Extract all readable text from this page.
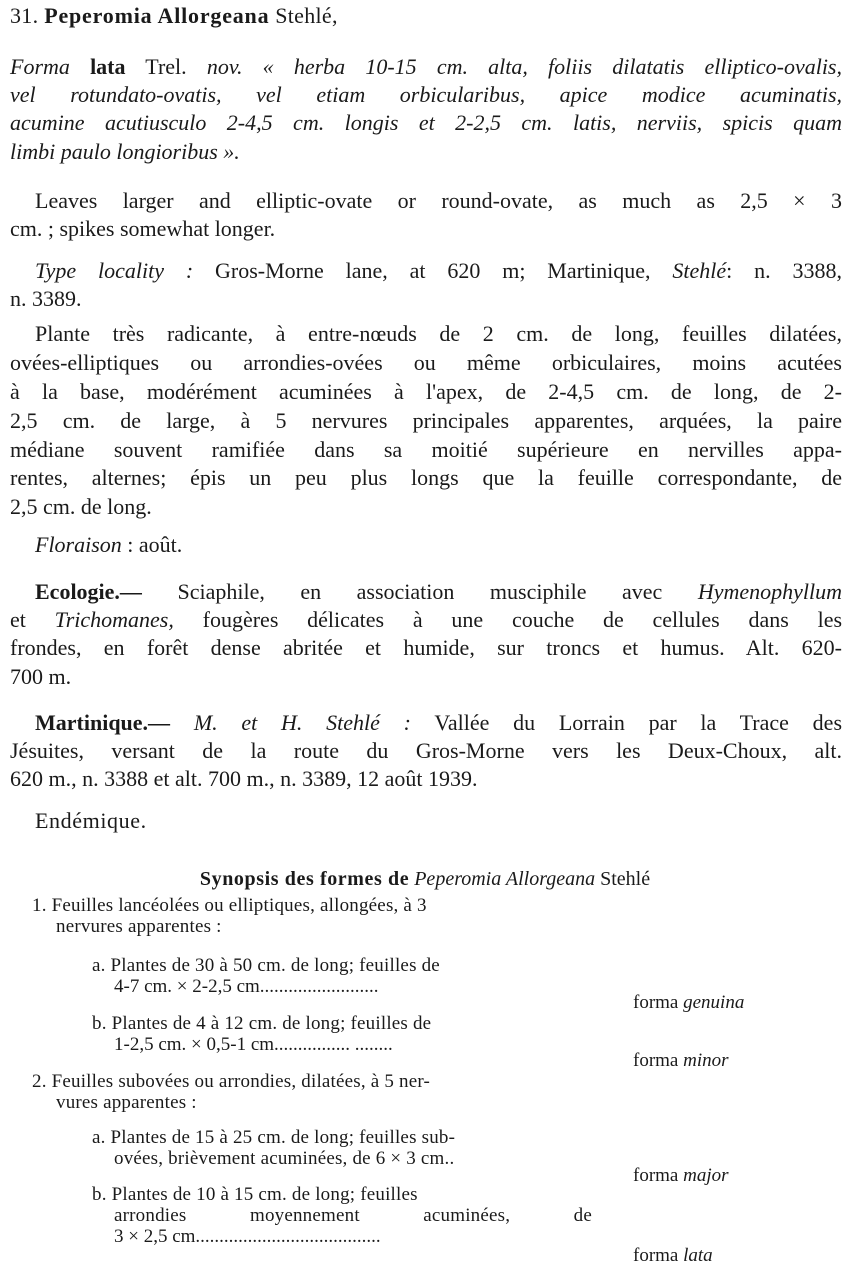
31. Peperomia Allorgeana Stehlé,

Forma lata Trel. nov. « herba 10-15 cm. alta, foliis dilatatis elliptico-ovalis,

vel rotundato-ovatis, vel etiam orbicularibus, apice modice acuminatis,

acumine acutiusculo 2-4,5 cm. longis et 2-2,5 cm. latis, nerviis, spicis quam

limbi paulo longioribus ».

Leaves larger and elliptic-ovate or round-ovate, as much as 2,5 × 3

cm. ; spikes somewhat longer.

Type locality : Gros-Morne lane, at 620 m; Martinique, Stehlé: n. 3388,

n. 3389.

Plante très radicante, à entre-nœuds de 2 cm. de long, feuilles dilatées,

ovées-elliptiques ou arrondies-ovées ou même orbiculaires, moins acutées

à la base, modérément acuminées à l'apex, de 2-4,5 cm. de long, de 2-

2,5 cm. de large, à 5 nervures principales apparentes, arquées, la paire

médiane souvent ramifiée dans sa moitié supérieure en nervilles appa-

rentes, alternes; épis un peu plus longs que la feuille correspondante, de

2,5 cm. de long.

Floraison : août.

Ecologie.— Sciaphile, en association musciphile avec Hymenophyllum

et Trichomanes, fougères délicates à une couche de cellules dans les

frondes, en forêt dense abritée et humide, sur troncs et humus. Alt. 620-

700 m.

Martinique.— M. et H. Stehlé : Vallée du Lorrain par la Trace des

Jésuites, versant de la route du Gros-Morne vers les Deux-Choux, alt.

620 m., n. 3388 et alt. 700 m., n. 3389, 12 août 1939.

Endémique.

Synopsis des formes de Peperomia Allorgeana Stehlé

1. Feuilles lancéolées ou elliptiques, allongées, à 3

nervures apparentes :

a. Plantes de 30 à 50 cm. de long; feuilles de

4-7 cm. × 2-2,5 cm.........................

forma genuina

b. Plantes de 4 à 12 cm. de long; feuilles de

1-2,5 cm. × 0,5-1 cm................ ........

forma minor

2. Feuilles subovées ou arrondies, dilatées, à 5 ner-

vures apparentes :

a. Plantes de 15 à 25 cm. de long; feuilles sub-

ovées, brièvement acuminées, de 6 × 3 cm..

forma major

b. Plantes de 10 à 15 cm. de long; feuilles

arrondies moyennement acuminées, de

3 × 2,5 cm.......................................

forma lata
